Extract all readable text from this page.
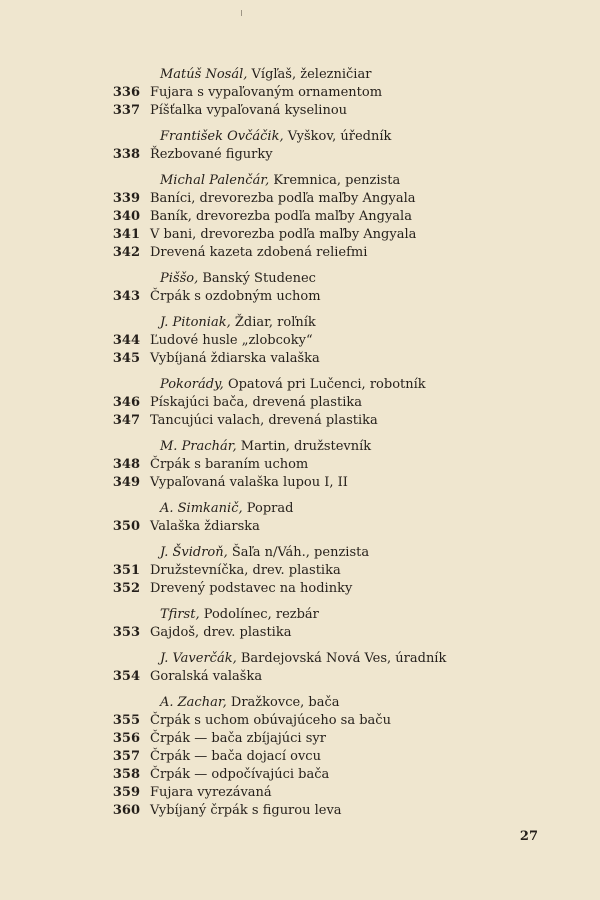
Matúš Nosál, Vígľaš, železničiar
336 Fujara s vypaľovaným ornamentom
337 Píšťalka vypaľovaná kyselinou
František Ovčáčik, Vyškov, úředník
338 Řezbované figurky
Michal Palenčár, Kremnica, penzista
339 Baníci, drevorezba podľa maľby Angyala
340 Baník, drevorezba podľa maľby Angyala
341 V bani, drevorezba podľa maľby Angyala
342 Drevená kazeta zdobená reliefmi
Piššo, Banský Studenec
343 Črpák s ozdobným uchom
J. Pitoniak, Ždiar, roľník
344 Ľudové husle „zlobcoky“
345 Vybíjaná ždiarska valaška
Pokorády, Opatová pri Lučenci, robotník
346 Pískajúci bača, drevená plastika
347 Tancujúci valach, drevená plastika
M. Prachár, Martin, družstevník
348 Črpák s baraním uchom
349 Vypaľovaná valaška lupou I, II
A. Simkanič, Poprad
350 Valaška ždiarska
J. Švidroň, Šaľa n/Váh., penzista
351 Družstevníčka, drev. plastika
352 Drevený podstavec na hodinky
Tfirst, Podolínec, rezbár
353 Gajdoš, drev. plastika
J. Vaverčák, Bardejovská Nová Ves, úradník
354 Goralská valaška
A. Zachar, Dražkovce, bača
355 Črpák s uchom obúvajúceho sa baču
356 Črpák — bača zbíjajúci syr
357 Črpák — bača dojací ovcu
358 Črpák — odpočívajúci bača
359 Fujara vyrezávaná
360 Vybíjaný črpák s figurou leva
27
